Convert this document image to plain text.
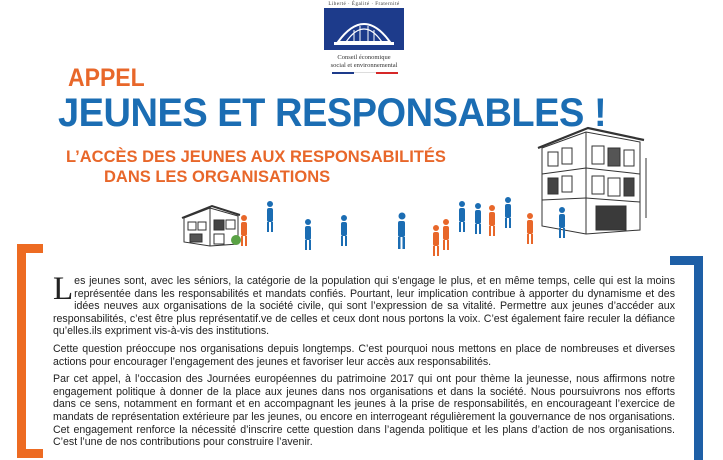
Liberté · Égalité · Fraternité
Conseil économique
social et environnemental
APPEL
JEUNES ET RESPONSABLES !
L’ACCÈS DES JEUNES AUX RESPONSABILITÉS
DANS LES ORGANISATIONS

Les jeunes sont, avec les séniors, la catégorie de la population qui s’engage le plus, et en même temps, celle qui est la moins représentée dans les responsabilités et mandats confiés. Pourtant, leur implication contribue à apporter du dynamisme et des idées neuves aux organisations de la société civile, qui sont l’expression de sa vitalité. Permettre aux jeunes d’accéder aux responsabilités, c’est être plus représentatif.ve de celles et ceux dont nous portons la voix. C’est également faire reculer la défiance qu’elles.ils expriment vis-à-vis des institutions.

Cette question préoccupe nos organisations depuis longtemps. C’est pourquoi nous mettons en place de nombreuses et diverses actions pour encourager l’engagement des jeunes et favoriser leur accès aux responsabilités.

Par cet appel, à l’occasion des Journées européennes du patrimoine 2017 qui ont pour thème la jeunesse, nous affirmons notre engagement politique à donner de la place aux jeunes dans nos organisations et dans la société. Nous poursuivrons nos efforts dans ce sens, notamment en formant et en accompagnant les jeunes à la prise de responsabilités, en encourageant l’exercice de mandats de représentation extérieure par les jeunes, ou encore en interrogeant régulièrement la gouvernance de nos organisations. Cet engagement renforce la nécessité d’inscrire cette question dans l’agenda politique et les plans d’action de nos organisations. C’est l’une de nos contributions pour construire l’avenir.
